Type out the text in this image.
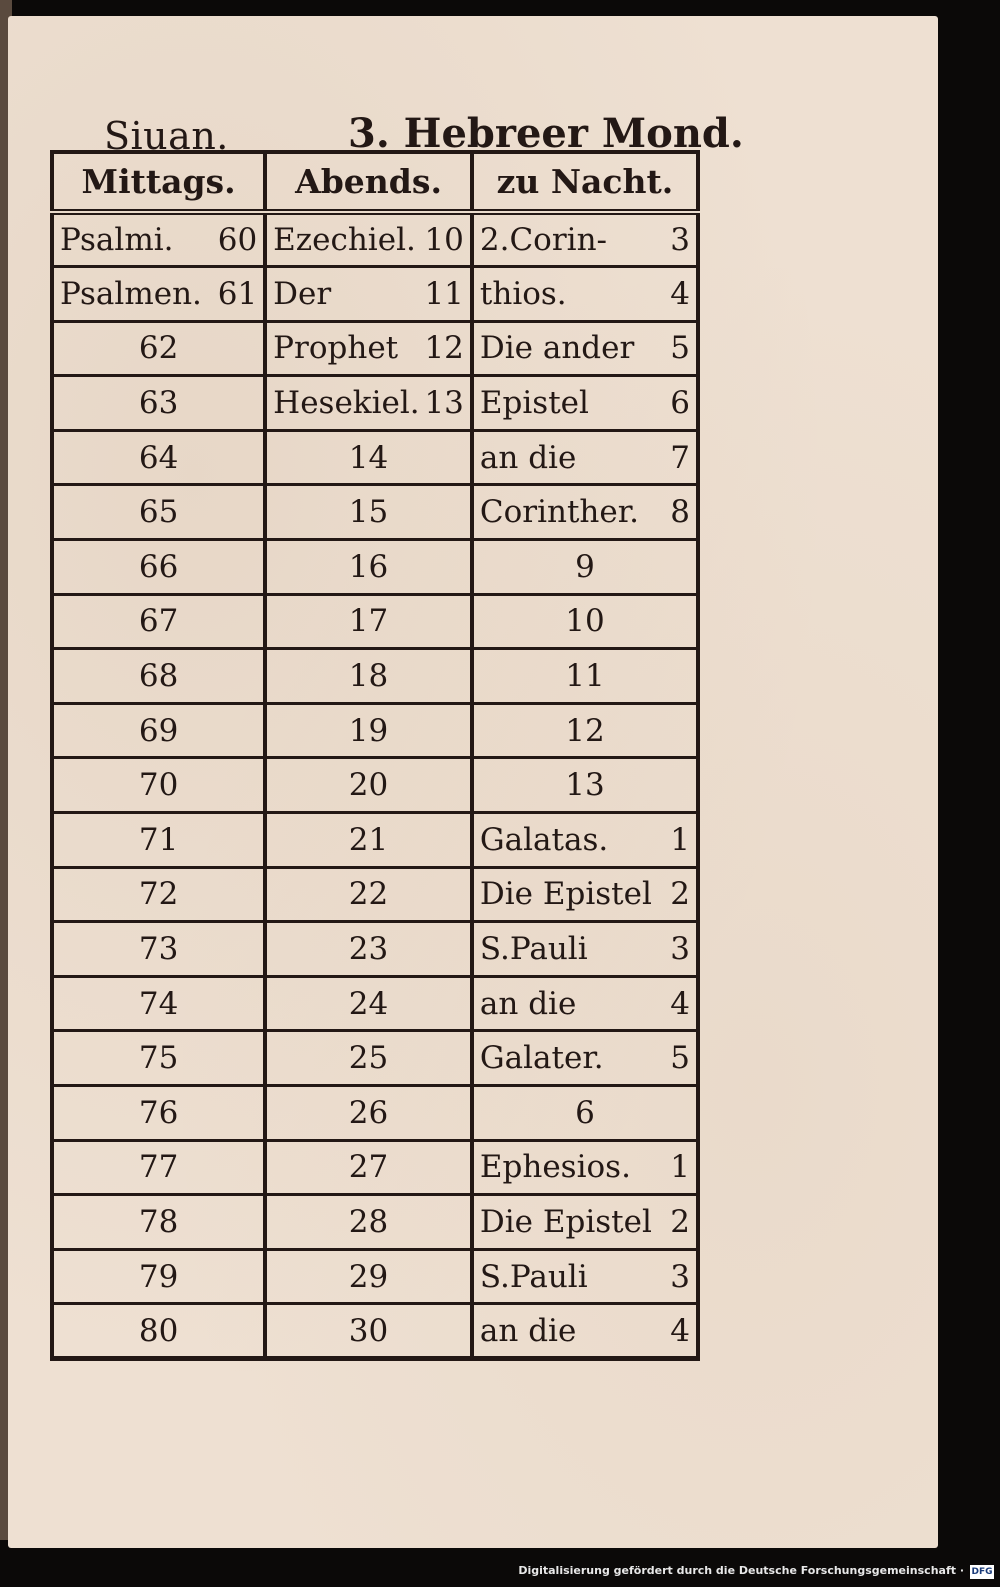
Siuan.	3. Hebreer Mond.
Mittags.	Abends.	zu Nacht.

Psalmi. 60	Ezechiel. 10	2.Corin- 3

Psalmen. 61	Der 11	thios. 4

62	Prophet 12	Die ander 5

63	Hesekiel. 13	Epistel 6

64	14	an die 7

65	15	Corinther. 8

66	16	9

67	17	10

68	18	11

69	19	12

70	20	13

71	21	Galatas. 1

72	22	Die Epistel 2

73	23	S.Pauli 3

74	24	an die 4

75	25	Galater. 5

76	26	6

77	27	Ephesios. 1

78	28	Die Epistel 2

79	29	S.Pauli 3

80	30	an die 4
Digitalisierung gefördert durch die Deutsche Forschungsgemeinschaft · DFG
